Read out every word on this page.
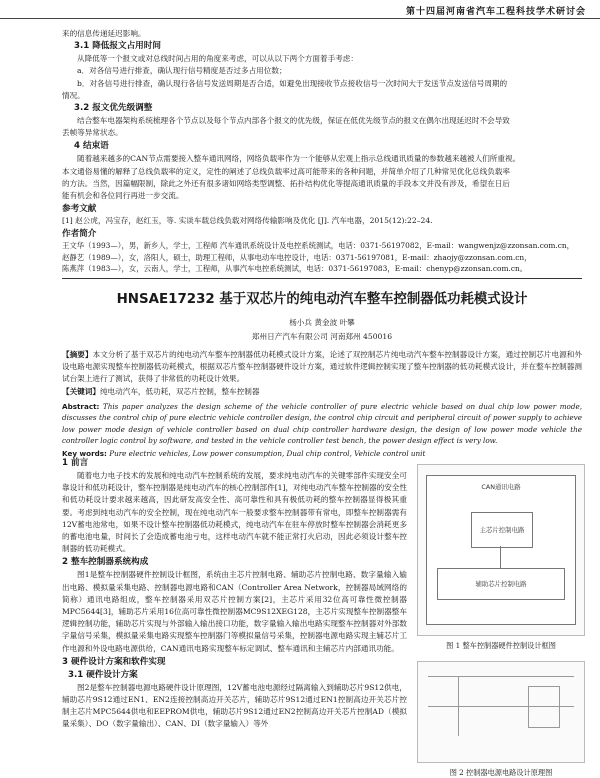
第十四届河南省汽车工程科技学术研讨会

来的信息传递延迟影响。

3.1 降低报文占用时间

从降低等一个报文或对总线时间占用的角度来考虑，可以从以下两个方面着手考虑：

a．对各信号进行排查，确认现行信号精度是否过多占用位数；

b．对各信号进行排查，确认现行各信号发送周期是否合适，如避免出现接收节点接收信号一次时间大于发送节点发送信号周期的

情况。

3.2 报文优先级调整

结合整车电器架构系统梳理各个节点以及每个节点内部各个报文的优先级，保证在低优先级节点的报文在偶尔出现延迟时不会导致

丢帧等异常状态。

4 结束语

随着越来越多的CAN节点需要接入整车通讯网络，网络负载率作为一个能够从宏观上指示总线通讯质量的参数越来越被人们所重视。

本文通俗易懂的解释了总线负载率的定义，定性的阐述了总线负载率过高可能带来的各种问题，并简单介绍了几种常见优化总线负载率

的方法。当然，因篇幅限制，除此之外还有很多诸如网络类型调整、拓扑结构优化等提高通讯质量的手段本文并没有涉及，希望在日后

能有机会和各位同行再进一步交流。

参考文献

[1] 赵公虎，冯宝存，赵红玉，等. 实谈车载总线负载对网络传输影响及优化 [J]. 汽车电器，2015(12):22–24.

作者简介

王文华（1993—），男，新乡人，学士，工程师 汽车通讯系统设计及电控系统测试，电话：0371-56197082，E-mail：wangwenjz@zzonsan.com.cn，

赵静艺（1989—），女，洛阳人，硕士，助理工程师，从事电动车电控设计，电话：0371-56197081，E-mail：zhaojy@zzonsan.com.cn，

陈燕萍（1983—），女，云南人，学士，工程师，从事汽车电控系统测试，电话：0371-56197083，E-mail：chenyp@zzonsan.com.cn。

HNSAE17232 基于双芯片的纯电动汽车整车控制器低功耗模式设计
杨小兵 黄金波 叶攀
郑州日产汽车有限公司 河南郑州 450016
【摘要】本文分析了基于双芯片的纯电动汽车整车控制器低功耗模式设计方案，论述了双控制芯片纯电动汽车整车控制器设计方案，通过控制芯片电源和外设电路电源实现整车控制器低功耗模式，根据双芯片整车控制器硬件设计方案，通过软件逻辑控制实现了整车控制器的低功耗模式设计，并在整车控制器测试台架上进行了测试，获得了非常低的功耗设计效果。
【关键词】纯电动汽车，低功耗，双芯片控制，整车控制器
Abstract: This paper analyzes the design scheme of the vehicle controller of pure electric vehicle based on dual chip low power mode, discusses the control chip of pure electric vehicle controller design, the control chip circuit and peripheral circuit of power supply to achieve low power mode design of vehicle controller based on dual chip controller hardware design, the design of low power mode vehicle the controller logic control by software, and tested in the vehicle controller test bench, the power design effect is very low.
Key words: Pure electric vehicles, Low power consumption, Dual chip control, Vehicle control unit
1 前言

随着电力电子技术的发展和纯电动汽车控制系统的发展，要求纯电动汽车的关键零部件实现安全可靠设计和低功耗设计，整车控制器是纯电动汽车的核心控制部件[1]，对纯电动汽车整车控制器的安全性和低功耗设计要求越来越高，因此研发高安全性、高可靠性和具有极低功耗的整车控制器显得极其重要。考虑到纯电动汽车的安全控制，现在纯电动汽车一般要求整车控制器带有常电，即整车控制器需有12V蓄电池常电，如果不设计整车控制器低功耗模式，纯电动汽车在驻车停放时整车控制器会消耗更多的蓄电池电量，时间长了会造成蓄电池亏电，这样电动汽车就不能正常打火启动，因此必须设计整车控制器的低功耗模式。

2 整车控制器系统构成

图1是整车控制器硬件控制设计框图，系统由主芯片控制电路、辅助芯片控制电路、数字量输入输出电路、模拟量采集电路、控制器电源电路和CAN（Controller Area Network，控制器局域网络的简称）通讯电路组成，整车控制器采用双芯片控制方案[2]，主芯片采用32位高可靠性微控制器MPC5644[3]，辅助芯片采用16位高可靠性微控制器MC9S12XEG128，主芯片实现整车控制器整车逻辑控制功能，辅助芯片实现与外部输入输出接口功能，数字量输入输出电路实现整车控制器对外部数字量信号采集，模拟量采集电路实现整车控制器门等模拟量信号采集，控制器电源电路实现主辅芯片工作电源和外设电路电源供给，CAN通讯电路实现整车标定调试、整车通讯和主辅芯片内部通讯功能。

3 硬件设计方案和软件实现
3.1 硬件设计方案

图2是整车控制器电源电路硬件设计原理图，12V蓄电池电源经过隔离输入到辅助芯片9S12供电，辅助芯片9S12通过EN1、EN2连接控制高边开关芯片，辅助芯片9S12通过EN1控制高边开关芯片控制主芯片MPC5644供电和EEPROM供电，辅助芯片9S12通过EN2控制高边开关芯片控制AD（模拟量采集）、DO（数字量输出）、CAN、DI（数字量输入）等外

CAN通讯电路
主芯片控制电路
辅助芯片控制电路
图 1 整车控制器硬件控制设计框图
图 2 控制器电源电路设计原理图
